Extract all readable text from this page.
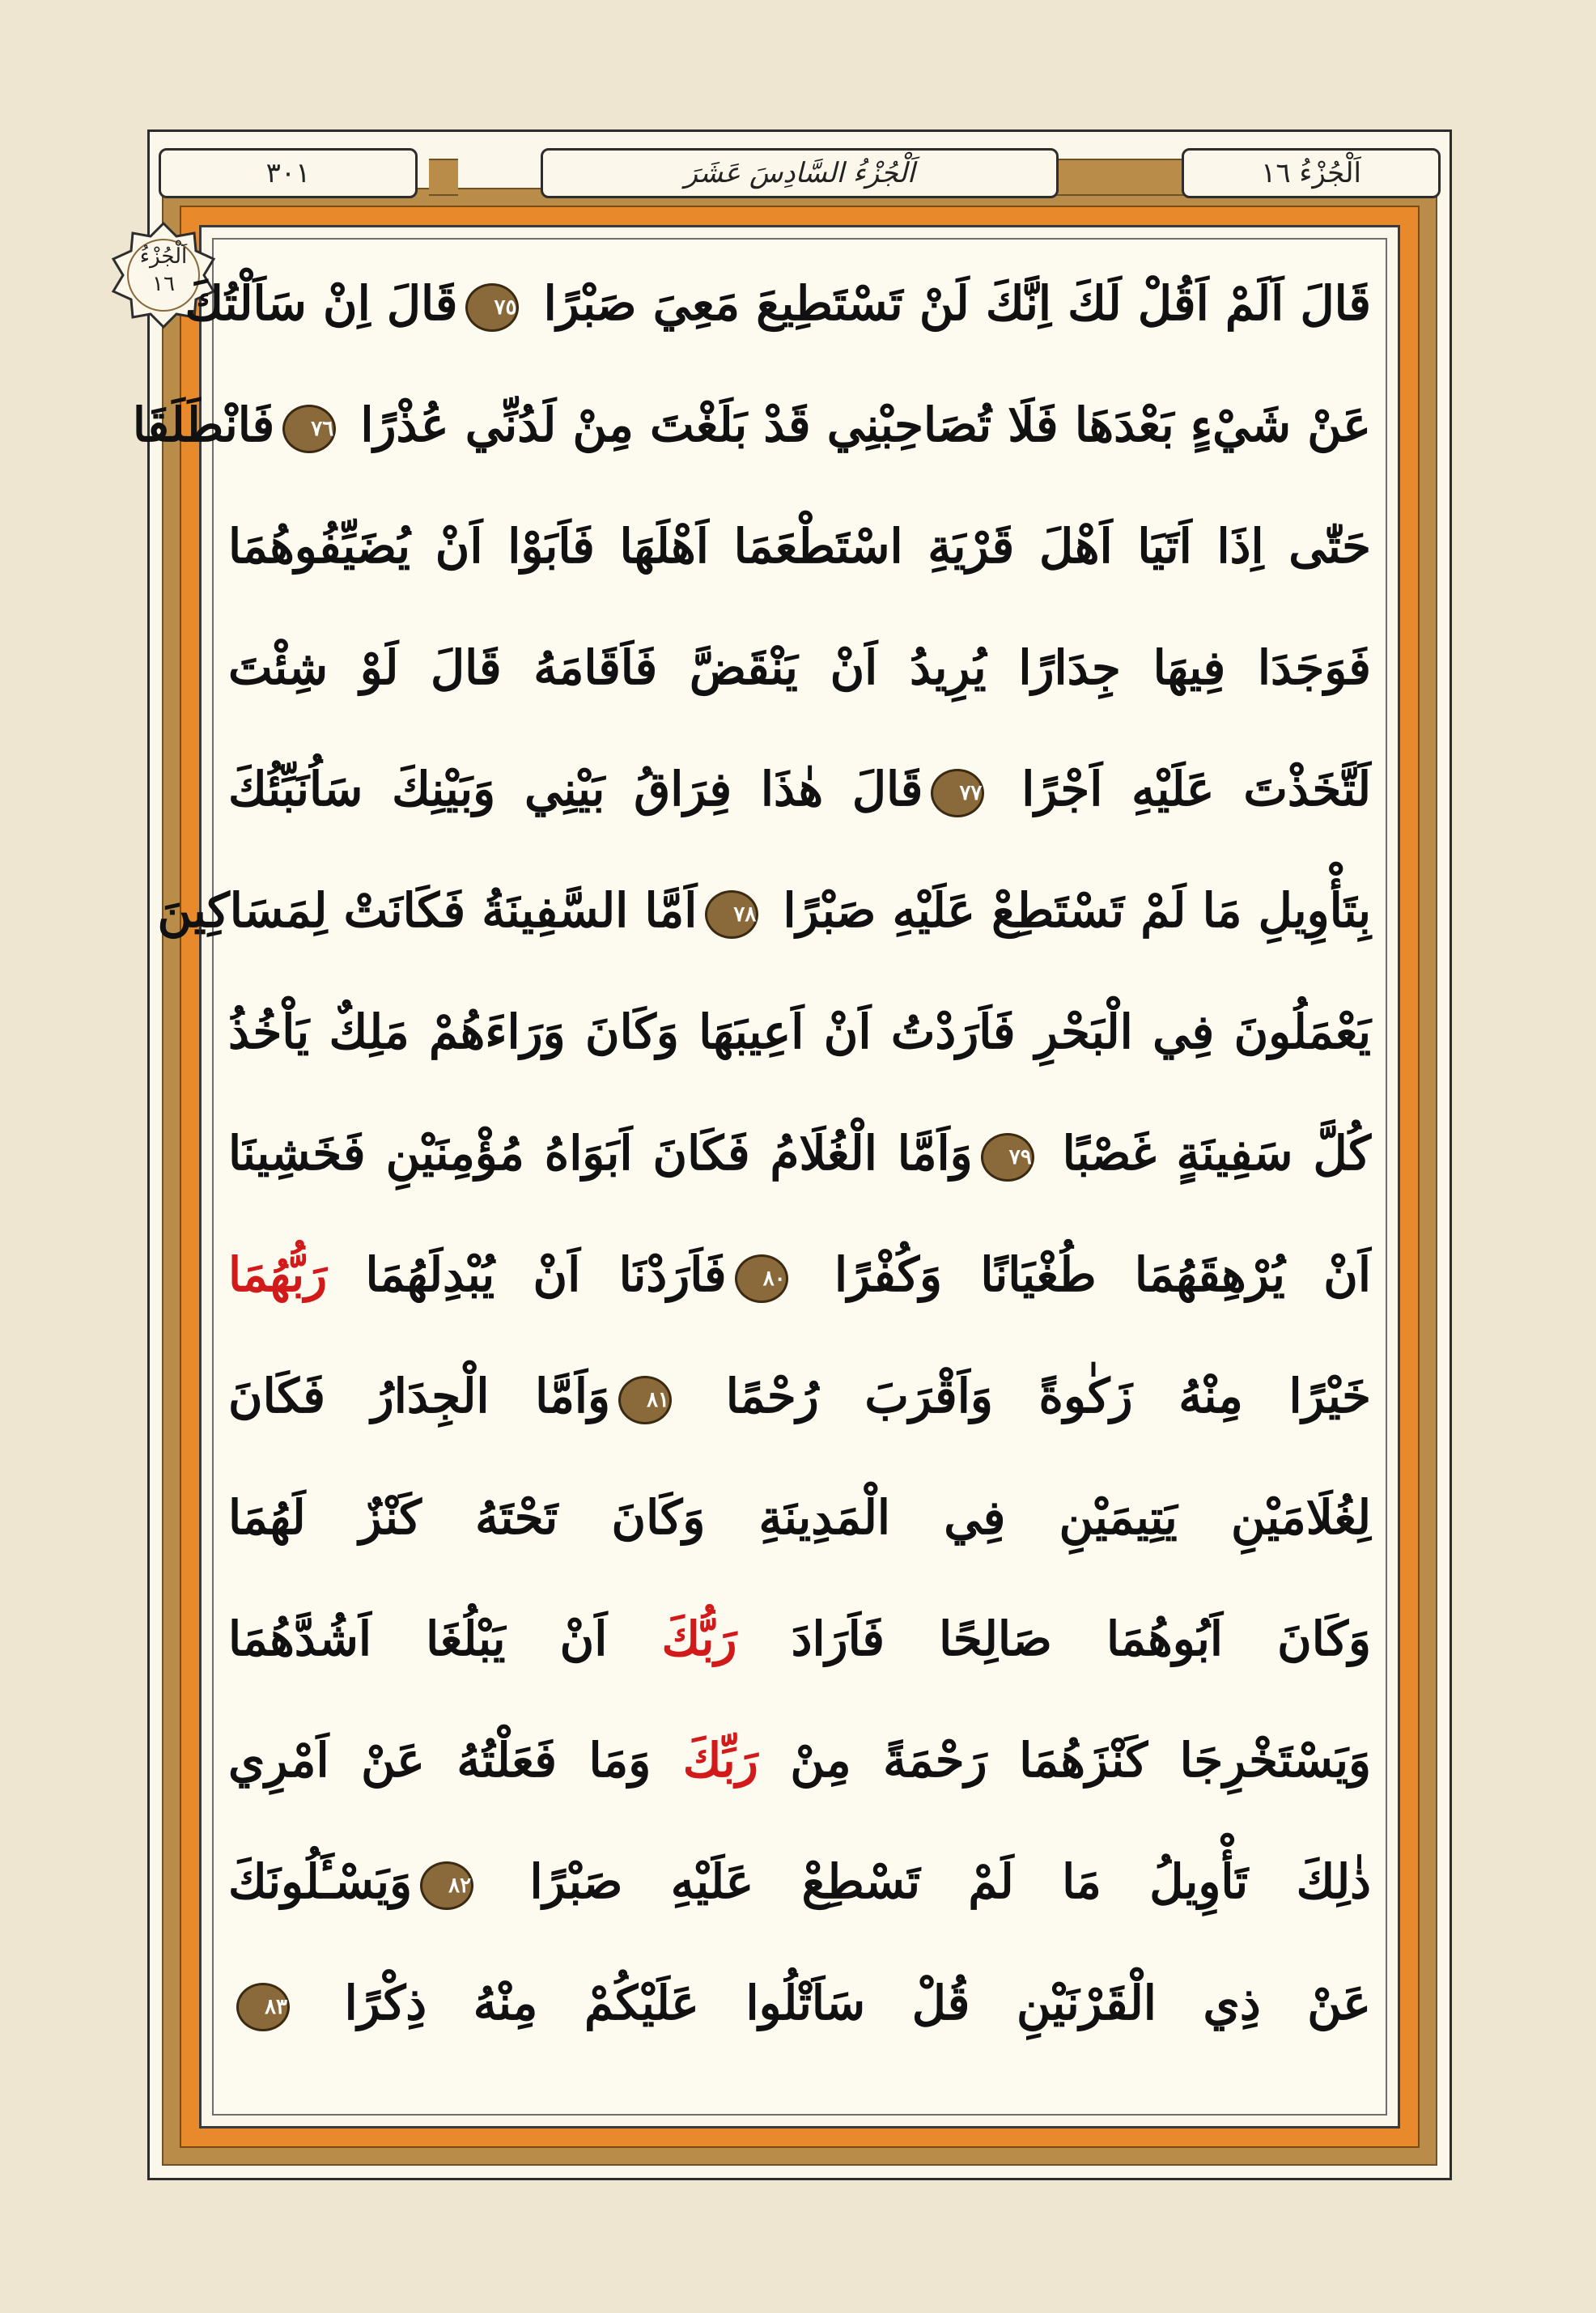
٣٠١	اَلْجُزْءُ السَّادِسَ عَشَرَ	اَلْجُزْءُ ١٦
اَلْجُزْءُ
١٦	قَالَ اَلَمْ اَقُلْ لَكَ اِنَّكَ لَنْ تَسْتَطِيعَ مَعِيَ صَبْرًا ٧٥قَالَ اِنْ سَاَلْتُكَ
عَنْ شَيْءٍ بَعْدَهَا فَلَا تُصَاحِبْنِي قَدْ بَلَغْتَ مِنْ لَدُنِّي عُذْرًا ٧٦فَانْطَلَقَا
حَتّٰى اِذَا اَتَيَا اَهْلَ قَرْيَةِ اسْتَطْعَمَا اَهْلَهَا فَاَبَوْا اَنْ يُضَيِّفُوهُمَا
فَوَجَدَا فِيهَا جِدَارًا يُرِيدُ اَنْ يَنْقَضَّ فَاَقَامَهُ قَالَ لَوْ شِئْتَ
لَتَّخَذْتَ عَلَيْهِ اَجْرًا ٧٧قَالَ هٰذَا فِرَاقُ بَيْنِي وَبَيْنِكَ سَاُنَبِّئُكَ
بِتَأْوِيلِ مَا لَمْ تَسْتَطِعْ عَلَيْهِ صَبْرًا ٧٨اَمَّا السَّفِينَةُ فَكَانَتْ لِمَسَاكِينَ
يَعْمَلُونَ فِي الْبَحْرِ فَاَرَدْتُ اَنْ اَعِيبَهَا وَكَانَ وَرَاءَهُمْ مَلِكٌ يَاْخُذُ
كُلَّ سَفِينَةٍ غَصْبًا ٧٩وَاَمَّا الْغُلَامُ فَكَانَ اَبَوَاهُ مُؤْمِنَيْنِ فَخَشِينَا
اَنْ يُرْهِقَهُمَا طُغْيَانًا وَكُفْرًا ٨٠فَاَرَدْنَا اَنْ يُبْدِلَهُمَا رَبُّهُمَا
خَيْرًا مِنْهُ زَكٰوةً وَاَقْرَبَ رُحْمًا ٨١وَاَمَّا الْجِدَارُ فَكَانَ
لِغُلَامَيْنِ يَتِيمَيْنِ فِي الْمَدِينَةِ وَكَانَ تَحْتَهُ كَنْزٌ لَهُمَا
وَكَانَ اَبُوهُمَا صَالِحًا فَاَرَادَ رَبُّكَ اَنْ يَبْلُغَا اَشُدَّهُمَا
وَيَسْتَخْرِجَا كَنْزَهُمَا رَحْمَةً مِنْ رَبِّكَ وَمَا فَعَلْتُهُ عَنْ اَمْرِي
ذٰلِكَ تَأْوِيلُ مَا لَمْ تَسْطِعْ عَلَيْهِ صَبْرًا ٨٢وَيَسْـَٔلُونَكَ
عَنْ ذِي الْقَرْنَيْنِ قُلْ سَاَتْلُوا عَلَيْكُمْ مِنْهُ ذِكْرًا ٨٣
